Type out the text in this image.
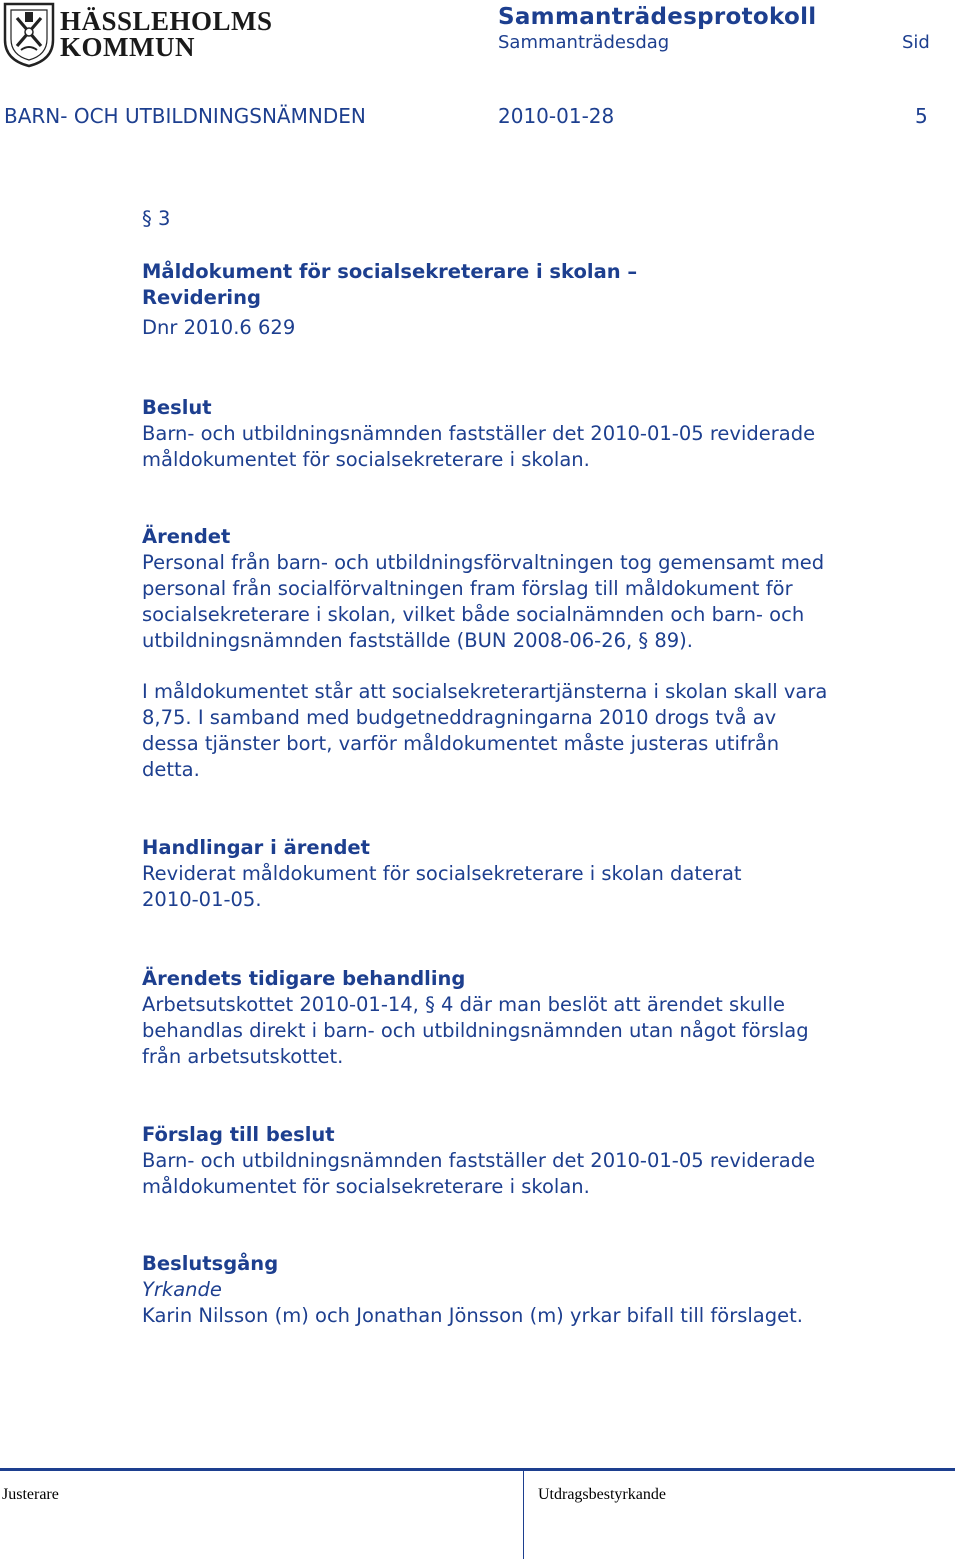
HÄSSLEHOLMS
KOMMUN
Sammanträdesprotokoll
Sammanträdesdag	Sid
BARN- OCH UTBILDNINGSNÄMNDEN	2010-01-28	5
§ 3
Måldokument för socialsekreterare i skolan –
Revidering
Dnr 2010.6 629
Beslut
Barn- och utbildningsnämnden fastställer det 2010-01-05 reviderade
måldokumentet för socialsekreterare i skolan.
Ärendet
Personal från barn- och utbildningsförvaltningen tog gemensamt med
personal från socialförvaltningen fram förslag till måldokument för
socialsekreterare i skolan, vilket både socialnämnden och barn- och
utbildningsnämnden fastställde (BUN 2008-06-26, § 89).
I måldokumentet står att socialsekreterartjänsterna i skolan skall vara
8,75. I samband med budgetneddragningarna 2010 drogs två av
dessa tjänster bort, varför måldokumentet måste justeras utifrån
detta.
Handlingar i ärendet
Reviderat måldokument för socialsekreterare i skolan daterat
2010-01-05.
Ärendets tidigare behandling
Arbetsutskottet 2010-01-14, § 4 där man beslöt att ärendet skulle
behandlas direkt i barn- och utbildningsnämnden utan något förslag
från arbetsutskottet.
Förslag till beslut
Barn- och utbildningsnämnden fastställer det 2010-01-05 reviderade
måldokumentet för socialsekreterare i skolan.
Beslutsgång
Yrkande
Karin Nilsson (m) och Jonathan Jönsson (m) yrkar bifall till förslaget.
Justerare	Utdragsbestyrkande
